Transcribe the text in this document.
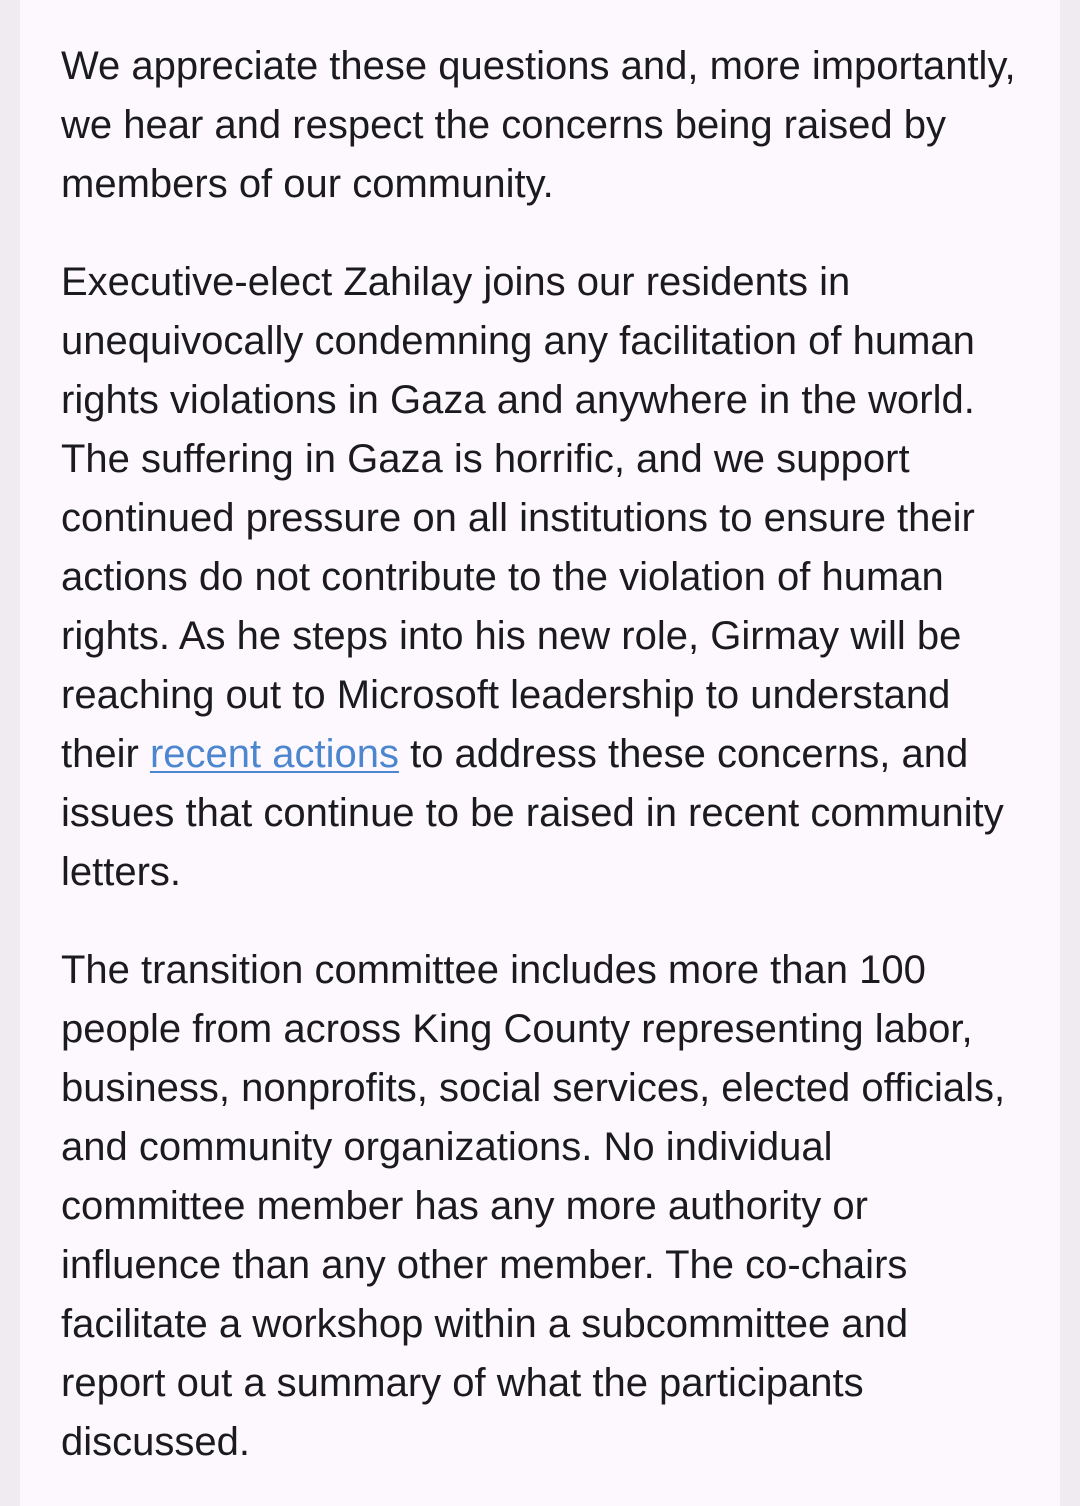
We appreciate these questions and, more importantly, we hear and respect the concerns being raised by members of our community.

Executive-elect Zahilay joins our residents in unequivocally condemning any facilitation of human rights violations in Gaza and anywhere in the world. The suffering in Gaza is horrific, and we support continued pressure on all institutions to ensure their actions do not contribute to the violation of human rights. As he steps into his new role, Girmay will be reaching out to Microsoft leadership to understand their recent actions to address these concerns, and issues that continue to be raised in recent community letters.

The transition committee includes more than 100 people from across King County representing labor, business, nonprofits, social services, elected officials, and community organizations. No individual committee member has any more authority or influence than any other member. The co-chairs facilitate a workshop within a subcommittee and report out a summary of what the participants discussed.
